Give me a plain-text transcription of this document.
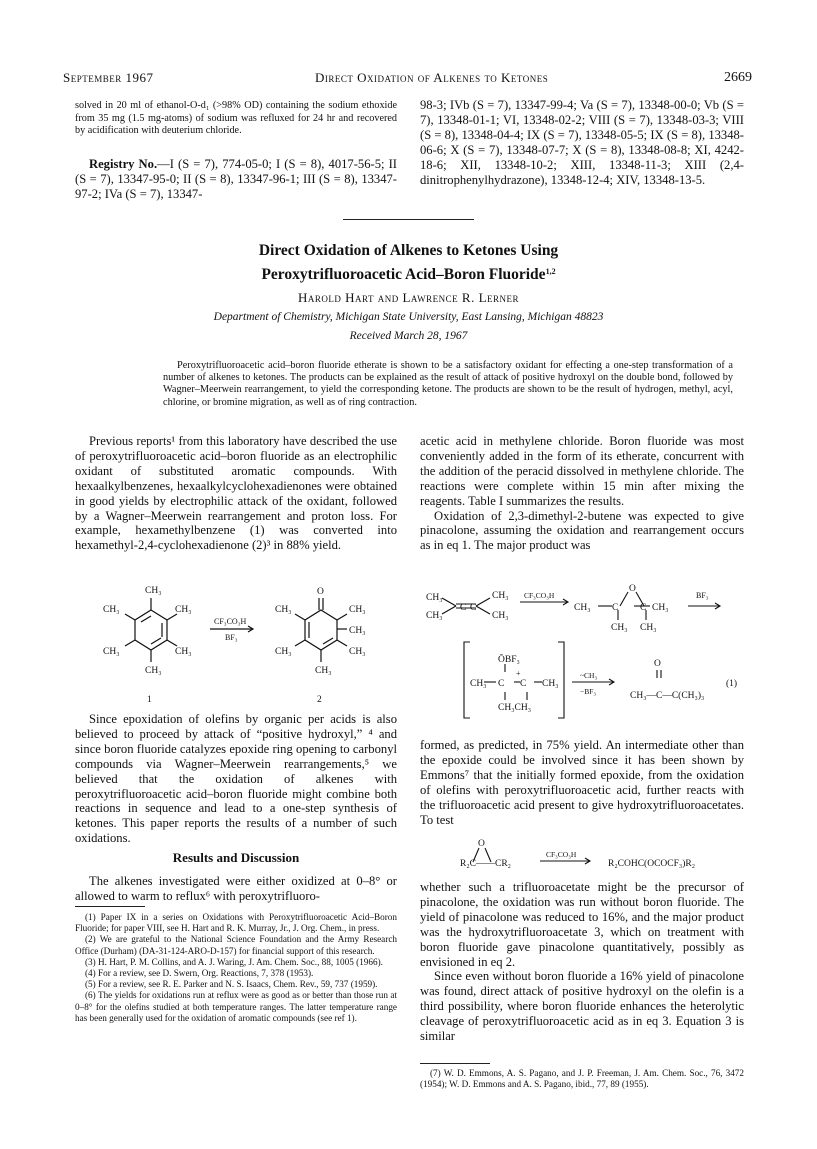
September 1967	Direct Oxidation of Alkenes to Ketones	2669
solved in 20 ml of ethanol-O-d₁ (>98% OD) containing the sodium ethoxide from 35 mg (1.5 mg-atoms) of sodium was refluxed for 24 hr and recovered by acidification with deuterium chloride.

Registry No.—I (S = 7), 774-05-0; I (S = 8), 4017-56-5; II (S = 7), 13347-95-0; II (S = 8), 13347-96-1; III (S = 8), 13347-97-2; IVa (S = 7), 13347-

98-3; IVb (S = 7), 13347-99-4; Va (S = 7), 13348-00-0; Vb (S = 7), 13348-01-1; VI, 13348-02-2; VIII (S = 7), 13348-03-3; VIII (S = 8), 13348-04-4; IX (S = 7), 13348-05-5; IX (S = 8), 13348-06-6; X (S = 7), 13348-07-7; X (S = 8), 13348-08-8; XI, 4242-18-6; XII, 13348-10-2; XIII, 13348-11-3; XIII (2,4-dinitrophenylhydrazone), 13348-12-4; XIV, 13348-13-5.
Direct Oxidation of Alkenes to Ketones Using
Peroxytrifluoroacetic Acid–Boron Fluoride$^{1,2}$
Harold Hart and Lawrence R. Lerner
Department of Chemistry, Michigan State University, East Lansing, Michigan 48823
Received March 28, 1967

Peroxytrifluoroacetic acid–boron fluoride etherate is shown to be a satisfactory oxidant for effecting a one-step transformation of a number of alkenes to ketones. The products can be explained as the result of attack of positive hydroxyl on the double bond, followed by Wagner–Meerwein rearrangement, to yield the corresponding ketone. The products are shown to be the result of hydrogen, methyl, acyl, chlorine, or bromine migration, as well as of ring contraction.

Previous reports¹ from this laboratory have described the use of peroxytrifluoroacetic acid–boron fluoride as an electrophilic oxidant of substituted aromatic compounds. With hexaalkylbenzenes, hexaalkylcyclohexadienones were obtained in good yields by electrophilic attack of the oxidant, followed by a Wagner–Meerwein rearrangement and proton loss. For example, hexamethylbenzene (1) was converted into hexamethyl-2,4-cyclohexadienone (2)³ in 88% yield.

CH₃
CH₃	CH₃
CH₃	CH₃
CH₃
CF₃CO₃H
BF₃
O
CH₃	CH₃
CH₃
CH₃	CH₃
CH₃
1	2

Since epoxidation of olefins by organic per acids is also believed to proceed by attack of “positive hydroxyl,” ⁴ and since boron fluoride catalyzes epoxide ring opening to carbonyl compounds via Wagner–Meerwein rearrangements,⁵ we believed that the oxidation of alkenes with peroxytrifluoroacetic acid–boron fluoride might combine both reactions in sequence and lead to a one-step synthesis of ketones. This paper reports the results of a number of such oxidations.

Results and Discussion

The alkenes investigated were either oxidized at 0–8° or allowed to warm to reflux⁶ with peroxytrifluoro-

(1) Paper IX in a series on Oxidations with Peroxytrifluoroacetic Acid–Boron Fluoride; for paper VIII, see H. Hart and R. K. Murray, Jr., J. Org. Chem., in press.

(2) We are grateful to the National Science Foundation and the Army Research Office (Durham) (DA-31-124-ARO-D-157) for financial support of this research.

(3) H. Hart, P. M. Collins, and A. J. Waring, J. Am. Chem. Soc., 88, 1005 (1966).

(4) For a review, see D. Swern, Org. Reactions, 7, 378 (1953).

(5) For a review, see R. E. Parker and N. S. Isaacs, Chem. Rev., 59, 737 (1959).

(6) The yields for oxidations run at reflux were as good as or better than those run at 0–8° for the olefins studied at both temperature ranges. The latter temperature range has been generally used for the oxidation of aromatic compounds (see ref 1).

acetic acid in methylene chloride. Boron fluoride was most conveniently added in the form of its etherate, concurrent with the addition of the peracid dissolved in methylene chloride. The reactions were complete within 15 min after mixing the reagents. Table I summarizes the results.

Oxidation of 2,3-dimethyl-2-butene was expected to give pinacolone, assuming the oxidation and rearrangement occurs as in eq 1. The major product was

CH₃	CH₃
CH₃	CH₃
C C
CF₃CO₃H
CH₃ C C CH₃
O
CH₃ CH₃
BF₃
ŌBF₃
CH₃ C C
+
CH₃
CH₃CH₃
~CH₃
−BF₃
O
CH₃—C—C(CH₃)₃
(1)

formed, as predicted, in 75% yield. An intermediate other than the epoxide could be involved since it has been shown by Emmons⁷ that the initially formed epoxide, from the oxidation of olefins with peroxytrifluoroacetic acid, further reacts with the trifluoroacetic acid present to give hydroxytrifluoroacetates. To test

O
R₂C——CR₂
CF₃CO₃H
R₂COHC(OCOCF₃)R₂

whether such a trifluoroacetate might be the precursor of pinacolone, the oxidation was run without boron fluoride. The yield of pinacolone was reduced to 16%, and the major product was the hydroxytrifluoroacetate 3, which on treatment with boron fluoride gave pinacolone quantitatively, possibly as envisioned in eq 2.

Since even without boron fluoride a 16% yield of pinacolone was found, direct attack of positive hydroxyl on the olefin is a third possibility, where boron fluoride enhances the heterolytic cleavage of peroxytrifluoroacetic acid as in eq 3. Equation 3 is similar

(7) W. D. Emmons, A. S. Pagano, and J. P. Freeman, J. Am. Chem. Soc., 76, 3472 (1954); W. D. Emmons and A. S. Pagano, ibid., 77, 89 (1955).
